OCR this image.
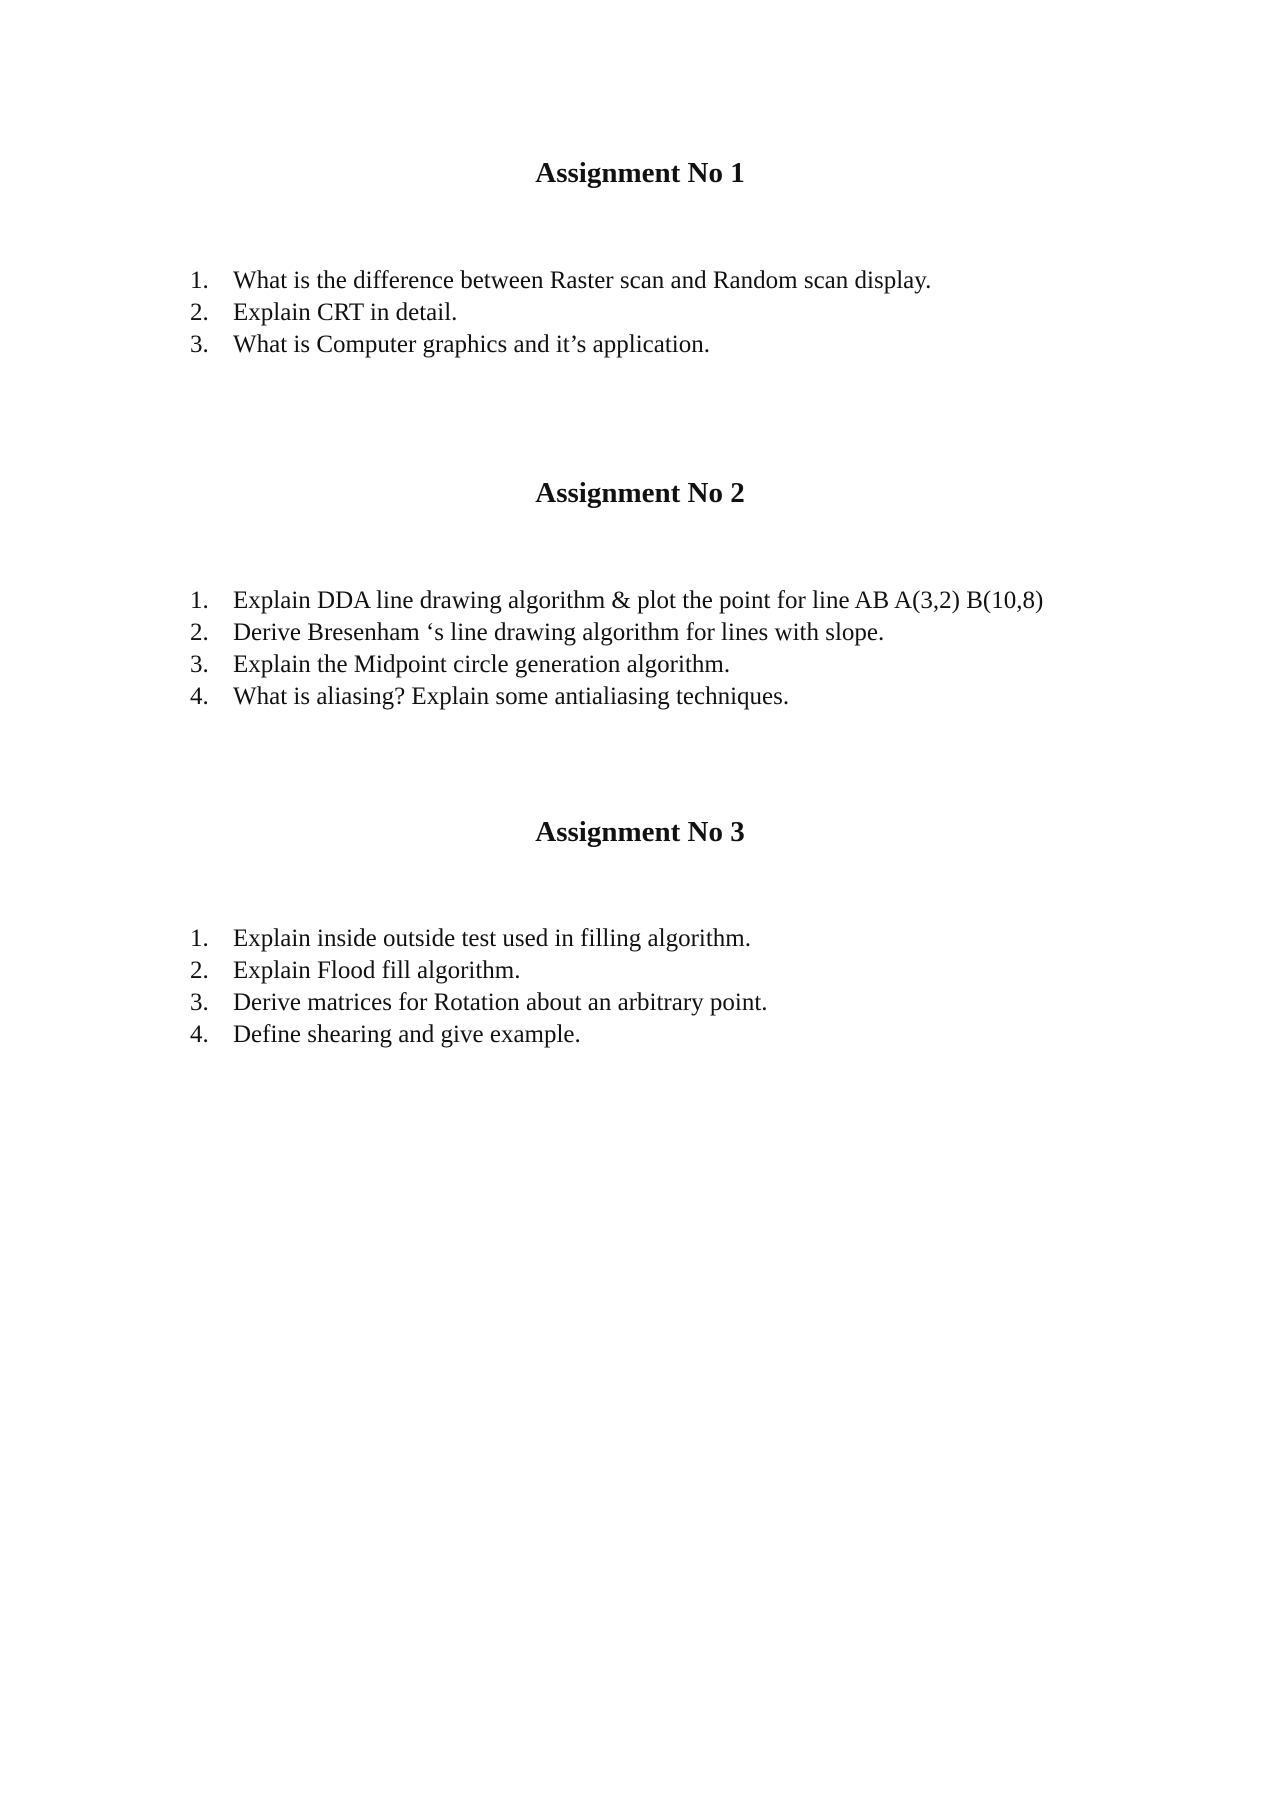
Assignment No 1
1. What is the difference between Raster scan and Random scan display.
2. Explain CRT in detail.
3. What is Computer graphics and it’s application.
Assignment No 2
1. Explain DDA line drawing algorithm & plot the point for line AB A(3,2) B(10,8)
2. Derive Bresenham ‘s line drawing algorithm for lines with slope.
3. Explain the Midpoint circle generation algorithm.
4. What is aliasing? Explain some antialiasing techniques.
Assignment No 3
1. Explain inside outside test used in filling algorithm.
2. Explain Flood fill algorithm.
3. Derive matrices for Rotation about an arbitrary point.
4. Define shearing and give example.
